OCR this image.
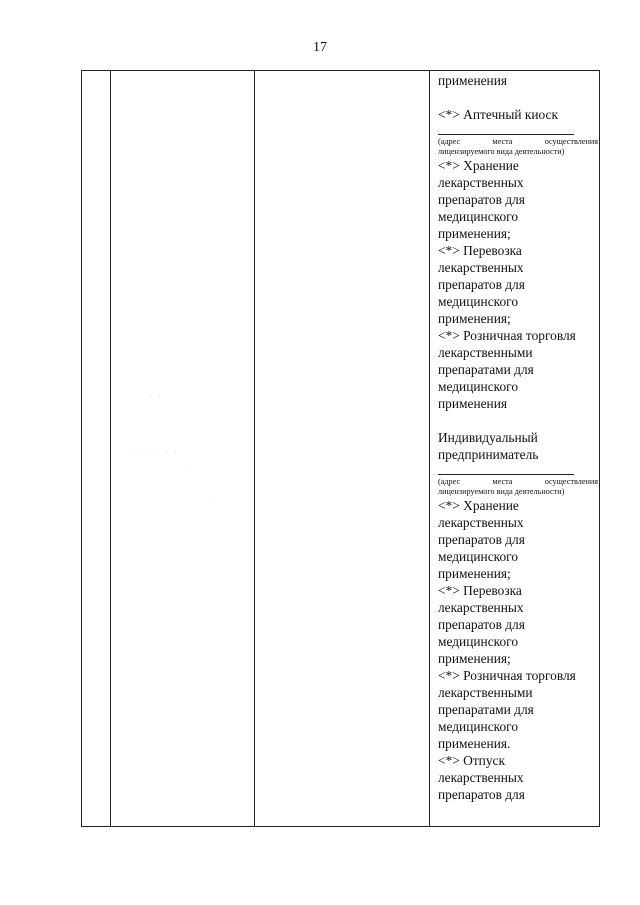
17
. .
. . . . . .
.
.

применения

<*> Аптечный киоск

(адрес места осуществления

лицензируемого вида деятельности)

<*> Хранение

лекарственных

препаратов для

медицинского

применения;

<*> Перевозка

лекарственных

препаратов для

медицинского

применения;

<*> Розничная торговля

лекарственными

препаратами для

медицинского

применения

Индивидуальный

предприниматель

(адрес места осуществления

лицензируемого вида деятельности)

<*> Хранение

лекарственных

препаратов для

медицинского

применения;

<*> Перевозка

лекарственных

препаратов для

медицинского

применения;

<*> Розничная торговля

лекарственными

препаратами для

медицинского

применения.

<*> Отпуск

лекарственных

препаратов для
